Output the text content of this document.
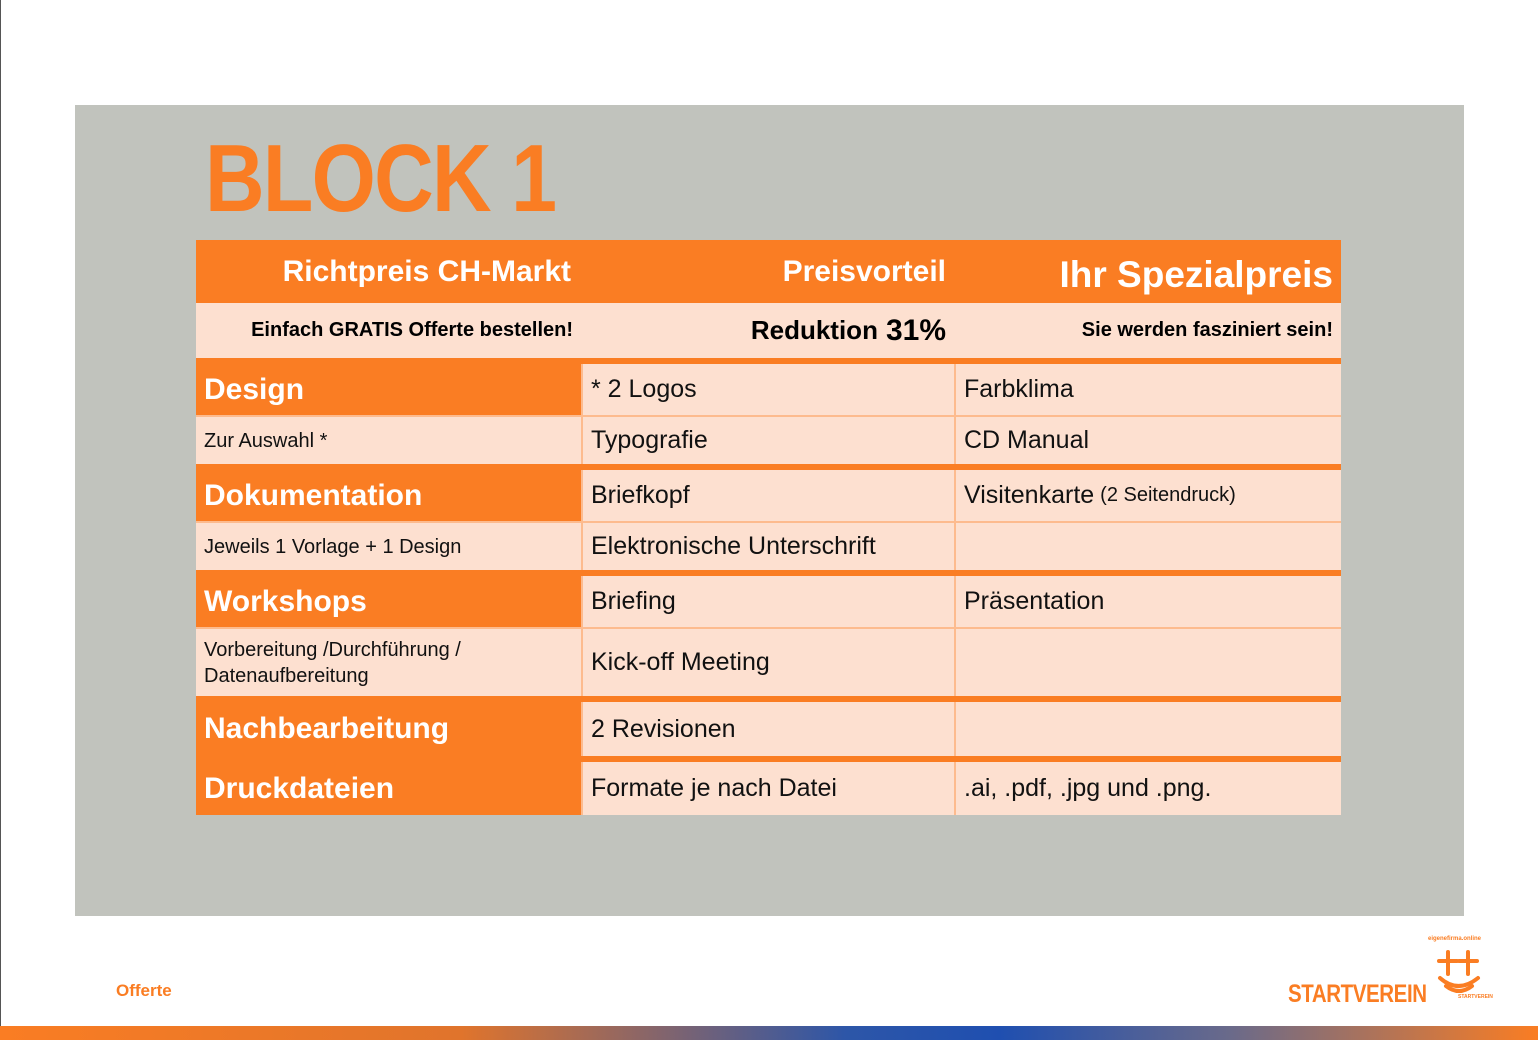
BLOCK 1
Richtpreis CH-Markt	Preisvorteil	Ihr Spezialpreis
Einfach GRATIS Offerte bestellen!	Reduktion 31%	Sie werden fasziniert sein!
Design	* 2 Logos	Farbklima
Zur Auswahl *	Typografie	CD Manual
Dokumentation	Briefkopf	Visitenkarte (2 Seitendruck)
Jeweils 1 Vorlage + 1 Design	Elektronische Unterschrift
Workshops	Briefing	Präsentation
Vorbereitung /Durchführung / Datenaufbereitung	Kick-off Meeting
Nachbearbeitung	2 Revisionen
Druckdateien	Formate je nach Datei	.ai, .pdf, .jpg und .png.
Offerte
eigenefirma.online
STARTVEREIN	STARTVEREIN
